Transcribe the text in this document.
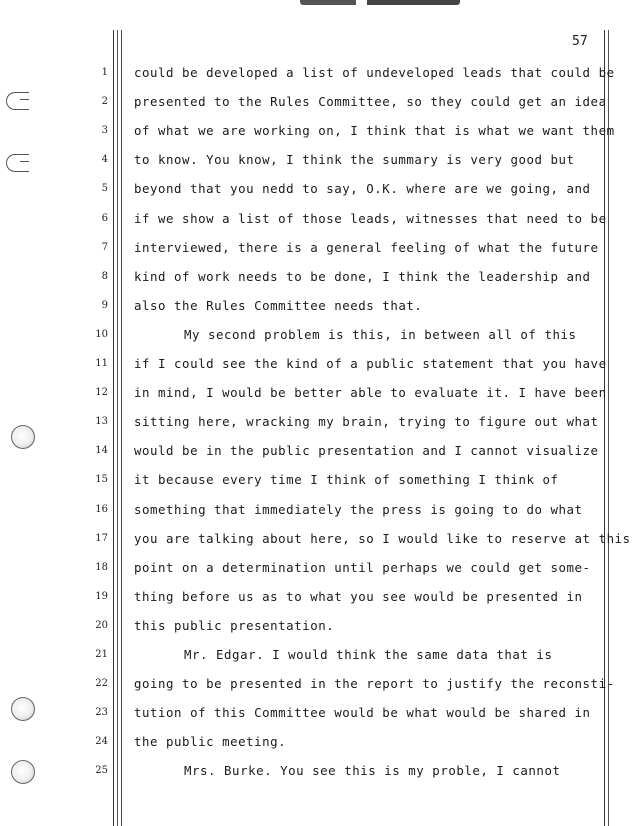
57
1 could be developed a list of undeveloped leads that could be
2 presented to the Rules Committee, so they could get an idea
3 of what we are working on, I think that is what we want them
4 to know. You know, I think the summary is very good but
5 beyond that you nedd to say, O.K. where are we going, and
6 if we show a list of those leads, witnesses that need to be
7 interviewed, there is a general feeling of what the future
8 kind of work needs to be done, I think the leadership and
9 also the Rules Committee needs that.
10	My second problem is this, in between all of this
11 if I could see the kind of a public statement that you have
12 in mind, I would be better able to evaluate it. I have been
13 sitting here, wracking my brain, trying to figure out what
14 would be in the public presentation and I cannot visualize
15 it because every time I think of something I think of
16 something that immediately the press is going to do what
17 you are talking about here, so I would like to reserve at this
18 point on a determination until perhaps we could get some-
19 thing before us as to what you see would be presented in
20 this public presentation.
21	Mr. Edgar. I would think the same data that is
22 going to be presented in the report to justify the reconsti-
23 tution of this Committee would be what would be shared in
24 the public meeting.
25	Mrs. Burke. You see this is my proble, I cannot
